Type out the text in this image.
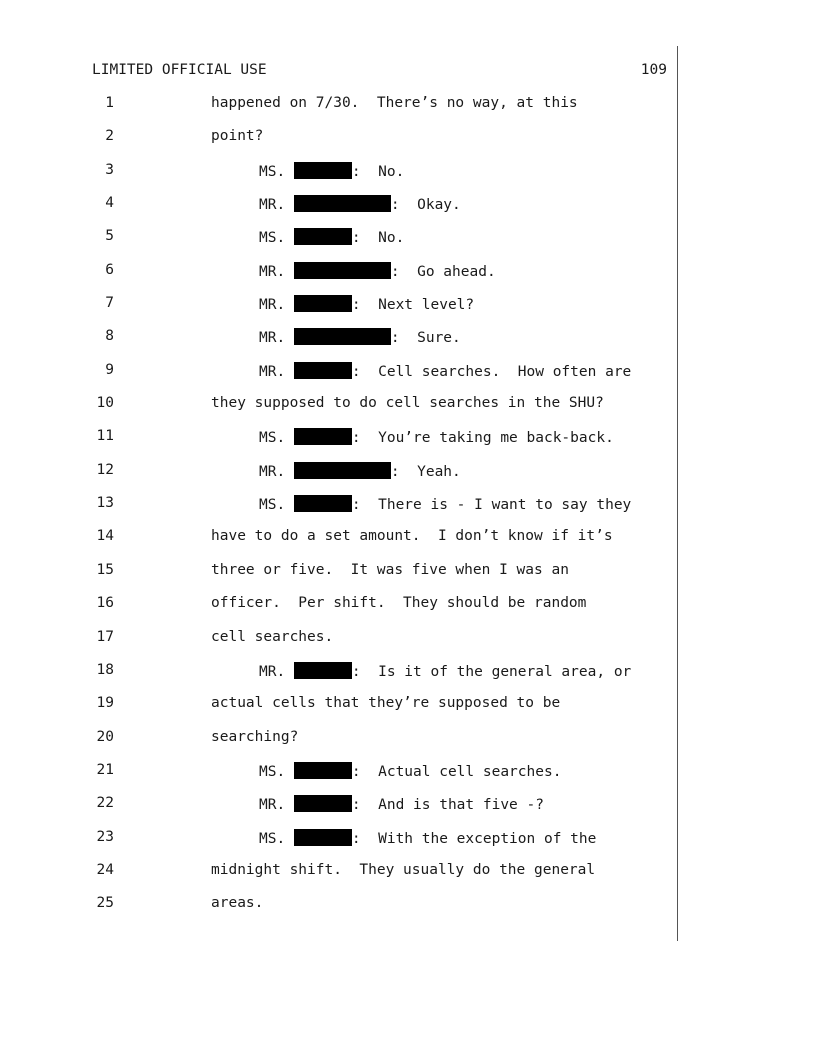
LIMITED OFFICIAL USE	109
1	happened on 7/30.  There’s no way, at this
2	point?
3	MS.	:  No.
4	MR.	:  Okay.
5	MS.	:  No.
6	MR.	:  Go ahead.
7	MR.	:  Next level?
8	MR.	:  Sure.
9	MR.	:  Cell searches.  How often are
10	they supposed to do cell searches in the SHU?
11	MS.	:  You’re taking me back-back.
12	MR.	:  Yeah.
13	MS.	:  There is - I want to say they
14	have to do a set amount.  I don’t know if it’s
15	three or five.  It was five when I was an
16	officer.  Per shift.  They should be random
17	cell searches.
18	MR.	:  Is it of the general area, or
19	actual cells that they’re supposed to be
20	searching?
21	MS.	:  Actual cell searches.
22	MR.	:  And is that five -?
23	MS.	:  With the exception of the
24	midnight shift.  They usually do the general
25	areas.
